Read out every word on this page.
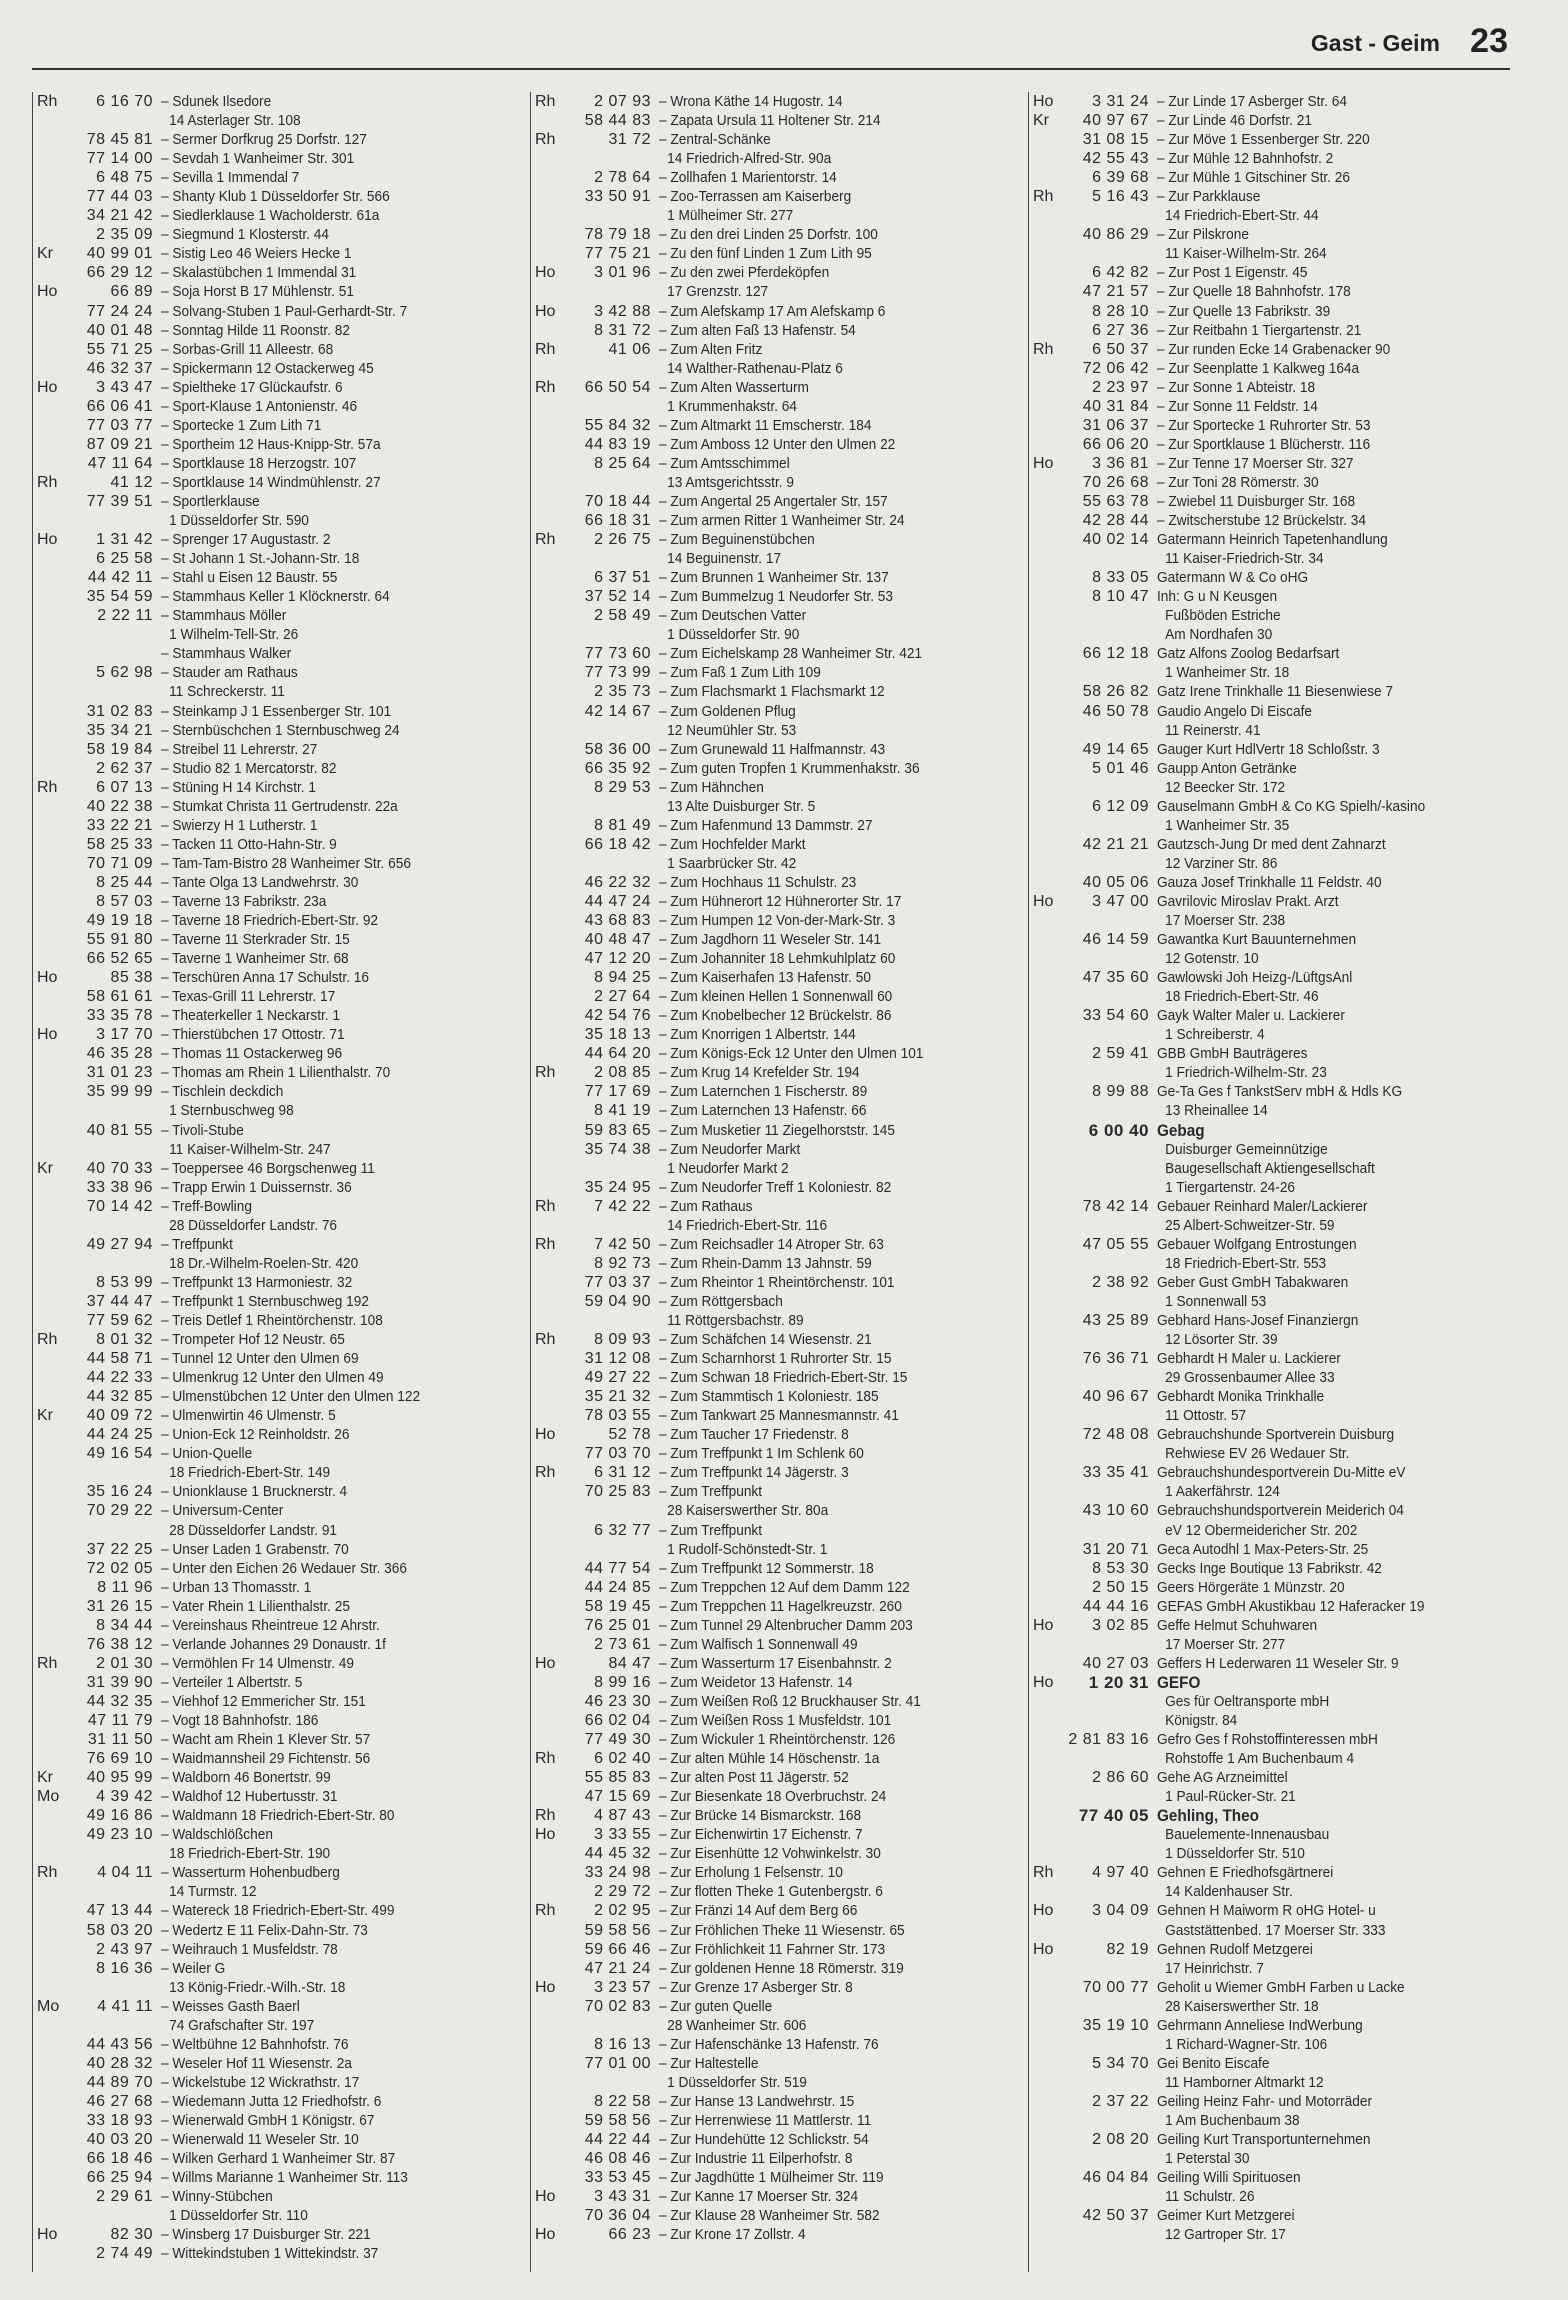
Gast - Geim 23
Rh	6 16 70 – Sdunek Ilsedore
14 Asterlager Str. 108
78 45 81 – Sermer Dorfkrug 25 Dorfstr. 127
77 14 00 – Sevdah 1 Wanheimer Str. 301
6 48 75 – Sevilla 1 Immendal 7
77 44 03 – Shanty Klub 1 Düsseldorfer Str. 566
34 21 42 – Siedlerklause 1 Wacholderstr. 61a
2 35 09 – Siegmund 1 Klosterstr. 44
Kr	40 99 01 – Sistig Leo 46 Weiers Hecke 1
66 29 12 – Skalastübchen 1 Immendal 31
Ho	66 89 – Soja Horst B 17 Mühlenstr. 51
77 24 24 – Solvang-Stuben 1 Paul-Gerhardt-Str. 7
40 01 48 – Sonntag Hilde 11 Roonstr. 82
55 71 25 – Sorbas-Grill 11 Alleestr. 68
46 32 37 – Spickermann 12 Ostackerweg 45
Ho	3 43 47 – Spieltheke 17 Glückaufstr. 6
66 06 41 – Sport-Klause 1 Antonienstr. 46
77 03 77 – Sportecke 1 Zum Lith 71
87 09 21 – Sportheim 12 Haus-Knipp-Str. 57a
47 11 64 – Sportklause 18 Herzogstr. 107
Rh	41 12 – Sportklause 14 Windmühlenstr. 27
77 39 51 – Sportlerklause
1 Düsseldorfer Str. 590
Ho	1 31 42 – Sprenger 17 Augustastr. 2
6 25 58 – St Johann 1 St.-Johann-Str. 18
44 42 11 – Stahl u Eisen 12 Baustr. 55
35 54 59 – Stammhaus Keller 1 Klöcknerstr. 64
2 22 11 – Stammhaus Möller
1 Wilhelm-Tell-Str. 26
– Stammhaus Walker
5 62 98 – Stauder am Rathaus
11 Schreckerstr. 11
31 02 83 – Steinkamp J 1 Essenberger Str. 101
35 34 21 – Sternbüschchen 1 Sternbuschweg 24
58 19 84 – Streibel 11 Lehrerstr. 27
2 62 37 – Studio 82 1 Mercatorstr. 82
Rh	6 07 13 – Stüning H 14 Kirchstr. 1
40 22 38 – Stumkat Christa 11 Gertrudenstr. 22a
33 22 21 – Swierzy H 1 Lutherstr. 1
58 25 33 – Tacken 11 Otto-Hahn-Str. 9
70 71 09 – Tam-Tam-Bistro 28 Wanheimer Str. 656
8 25 44 – Tante Olga 13 Landwehrstr. 30
8 57 03 – Taverne 13 Fabrikstr. 23a
49 19 18 – Taverne 18 Friedrich-Ebert-Str. 92
55 91 80 – Taverne 11 Sterkrader Str. 15
66 52 65 – Taverne 1 Wanheimer Str. 68
Ho	85 38 – Terschüren Anna 17 Schulstr. 16
58 61 61 – Texas-Grill 11 Lehrerstr. 17
33 35 78 – Theaterkeller 1 Neckarstr. 1
Ho	3 17 70 – Thierstübchen 17 Ottostr. 71
46 35 28 – Thomas 11 Ostackerweg 96
31 01 23 – Thomas am Rhein 1 Lilienthalstr. 70
35 99 99 – Tischlein deckdich
1 Sternbuschweg 98
40 81 55 – Tivoli-Stube
11 Kaiser-Wilhelm-Str. 247
Kr	40 70 33 – Toeppersee 46 Borgschenweg 11
33 38 96 – Trapp Erwin 1 Duissernstr. 36
70 14 42 – Treff-Bowling
28 Düsseldorfer Landstr. 76
49 27 94 – Treffpunkt
18 Dr.-Wilhelm-Roelen-Str. 420
8 53 99 – Treffpunkt 13 Harmoniestr. 32
37 44 47 – Treffpunkt 1 Sternbuschweg 192
77 59 62 – Treis Detlef 1 Rheintörchenstr. 108
Rh	8 01 32 – Trompeter Hof 12 Neustr. 65
44 58 71 – Tunnel 12 Unter den Ulmen 69
44 22 33 – Ulmenkrug 12 Unter den Ulmen 49
44 32 85 – Ulmenstübchen 12 Unter den Ulmen 122
Kr	40 09 72 – Ulmenwirtin 46 Ulmenstr. 5
44 24 25 – Union-Eck 12 Reinholdstr. 26
49 16 54 – Union-Quelle
18 Friedrich-Ebert-Str. 149
35 16 24 – Unionklause 1 Brucknerstr. 4
70 29 22 – Universum-Center
28 Düsseldorfer Landstr. 91
37 22 25 – Unser Laden 1 Grabenstr. 70
72 02 05 – Unter den Eichen 26 Wedauer Str. 366
8 11 96 – Urban 13 Thomasstr. 1
31 26 15 – Vater Rhein 1 Lilienthalstr. 25
8 34 44 – Vereinshaus Rheintreue 12 Ahrstr.
76 38 12 – Verlande Johannes 29 Donaustr. 1f
Rh	2 01 30 – Vermöhlen Fr 14 Ulmenstr. 49
31 39 90 – Verteiler 1 Albertstr. 5
44 32 35 – Viehhof 12 Emmericher Str. 151
47 11 79 – Vogt 18 Bahnhofstr. 186
31 11 50 – Wacht am Rhein 1 Klever Str. 57
76 69 10 – Waidmannsheil 29 Fichtenstr. 56
Kr	40 95 99 – Waldborn 46 Bonertstr. 99
Mo	4 39 42 – Waldhof 12 Hubertusstr. 31
49 16 86 – Waldmann 18 Friedrich-Ebert-Str. 80
49 23 10 – Waldschlößchen
18 Friedrich-Ebert-Str. 190
Rh	4 04 11 – Wasserturm Hohenbudberg
14 Turmstr. 12
47 13 44 – Watereck 18 Friedrich-Ebert-Str. 499
58 03 20 – Wedertz E 11 Felix-Dahn-Str. 73
2 43 97 – Weihrauch 1 Musfeldstr. 78
8 16 36 – Weiler G
13 König-Friedr.-Wilh.-Str. 18
Mo	4 41 11 – Weisses Gasth Baerl
74 Grafschafter Str. 197
44 43 56 – Weltbühne 12 Bahnhofstr. 76
40 28 32 – Weseler Hof 11 Wiesenstr. 2a
44 89 70 – Wickelstube 12 Wickrathstr. 17
46 27 68 – Wiedemann Jutta 12 Friedhofstr. 6
33 18 93 – Wienerwald GmbH 1 Königstr. 67
40 03 20 – Wienerwald 11 Weseler Str. 10
66 18 46 – Wilken Gerhard 1 Wanheimer Str. 87
66 25 94 – Willms Marianne 1 Wanheimer Str. 113
2 29 61 – Winny-Stübchen
1 Düsseldorfer Str. 110
Ho	82 30 – Winsberg 17 Duisburger Str. 221
2 74 49 – Wittekindstuben 1 Wittekindstr. 37
Rh	2 07 93 – Wrona Käthe 14 Hugostr. 14
58 44 83 – Zapata Ursula 11 Holtener Str. 214
Rh	31 72 – Zentral-Schänke
14 Friedrich-Alfred-Str. 90a
2 78 64 – Zollhafen 1 Marientorstr. 14
33 50 91 – Zoo-Terrassen am Kaiserberg
1 Mülheimer Str. 277
78 79 18 – Zu den drei Linden 25 Dorfstr. 100
77 75 21 – Zu den fünf Linden 1 Zum Lith 95
Ho	3 01 96 – Zu den zwei Pferdeköpfen
17 Grenzstr. 127
Ho	3 42 88 – Zum Alefskamp 17 Am Alefskamp 6
8 31 72 – Zum alten Faß 13 Hafenstr. 54
Rh	41 06 – Zum Alten Fritz
14 Walther-Rathenau-Platz 6
Rh	66 50 54 – Zum Alten Wasserturm
1 Krummenhakstr. 64
55 84 32 – Zum Altmarkt 11 Emscherstr. 184
44 83 19 – Zum Amboss 12 Unter den Ulmen 22
8 25 64 – Zum Amtsschimmel
13 Amtsgerichtsstr. 9
70 18 44 – Zum Angertal 25 Angertaler Str. 157
66 18 31 – Zum armen Ritter 1 Wanheimer Str. 24
Rh	2 26 75 – Zum Beguinenstübchen
14 Beguinenstr. 17
6 37 51 – Zum Brunnen 1 Wanheimer Str. 137
37 52 14 – Zum Bummelzug 1 Neudorfer Str. 53
2 58 49 – Zum Deutschen Vatter
1 Düsseldorfer Str. 90
77 73 60 – Zum Eichelskamp 28 Wanheimer Str. 421
77 73 99 – Zum Faß 1 Zum Lith 109
2 35 73 – Zum Flachsmarkt 1 Flachsmarkt 12
42 14 67 – Zum Goldenen Pflug
12 Neumühler Str. 53
58 36 00 – Zum Grunewald 11 Halfmannstr. 43
66 35 92 – Zum guten Tropfen 1 Krummenhakstr. 36
8 29 53 – Zum Hähnchen
13 Alte Duisburger Str. 5
8 81 49 – Zum Hafenmund 13 Dammstr. 27
66 18 42 – Zum Hochfelder Markt
1 Saarbrücker Str. 42
46 22 32 – Zum Hochhaus 11 Schulstr. 23
44 47 24 – Zum Hühnerort 12 Hühnerorter Str. 17
43 68 83 – Zum Humpen 12 Von-der-Mark-Str. 3
40 48 47 – Zum Jagdhorn 11 Weseler Str. 141
47 12 20 – Zum Johanniter 18 Lehmkuhlplatz 60
8 94 25 – Zum Kaiserhafen 13 Hafenstr. 50
2 27 64 – Zum kleinen Hellen 1 Sonnenwall 60
42 54 76 – Zum Knobelbecher 12 Brückelstr. 86
35 18 13 – Zum Knorrigen 1 Albertstr. 144
44 64 20 – Zum Königs-Eck 12 Unter den Ulmen 101
Rh	2 08 85 – Zum Krug 14 Krefelder Str. 194
77 17 69 – Zum Laternchen 1 Fischerstr. 89
8 41 19 – Zum Laternchen 13 Hafenstr. 66
59 83 65 – Zum Musketier 11 Ziegelhorststr. 145
35 74 38 – Zum Neudorfer Markt
1 Neudorfer Markt 2
35 24 95 – Zum Neudorfer Treff 1 Koloniestr. 82
Rh	7 42 22 – Zum Rathaus
14 Friedrich-Ebert-Str. 116
Rh	7 42 50 – Zum Reichsadler 14 Atroper Str. 63
8 92 73 – Zum Rhein-Damm 13 Jahnstr. 59
77 03 37 – Zum Rheintor 1 Rheintörchenstr. 101
59 04 90 – Zum Röttgersbach
11 Röttgersbachstr. 89
Rh	8 09 93 – Zum Schäfchen 14 Wiesenstr. 21
31 12 08 – Zum Scharnhorst 1 Ruhrorter Str. 15
49 27 22 – Zum Schwan 18 Friedrich-Ebert-Str. 15
35 21 32 – Zum Stammtisch 1 Koloniestr. 185
78 03 55 – Zum Tankwart 25 Mannesmannstr. 41
Ho	52 78 – Zum Taucher 17 Friedenstr. 8
77 03 70 – Zum Treffpunkt 1 Im Schlenk 60
Rh	6 31 12 – Zum Treffpunkt 14 Jägerstr. 3
70 25 83 – Zum Treffpunkt
28 Kaiserswerther Str. 80a
6 32 77 – Zum Treffpunkt
1 Rudolf-Schönstedt-Str. 1
44 77 54 – Zum Treffpunkt 12 Sommerstr. 18
44 24 85 – Zum Treppchen 12 Auf dem Damm 122
58 19 45 – Zum Treppchen 11 Hagelkreuzstr. 260
76 25 01 – Zum Tunnel 29 Altenbrucher Damm 203
2 73 61 – Zum Walfisch 1 Sonnenwall 49
Ho	84 47 – Zum Wasserturm 17 Eisenbahnstr. 2
8 99 16 – Zum Weidetor 13 Hafenstr. 14
46 23 30 – Zum Weißen Roß 12 Bruckhauser Str. 41
66 02 04 – Zum Weißen Ross 1 Musfeldstr. 101
77 49 30 – Zum Wickuler 1 Rheintörchenstr. 126
Rh	6 02 40 – Zur alten Mühle 14 Höschenstr. 1a
55 85 83 – Zur alten Post 11 Jägerstr. 52
47 15 69 – Zur Biesenkate 18 Overbruchstr. 24
Rh	4 87 43 – Zur Brücke 14 Bismarckstr. 168
Ho	3 33 55 – Zur Eichenwirtin 17 Eichenstr. 7
44 45 32 – Zur Eisenhütte 12 Vohwinkelstr. 30
33 24 98 – Zur Erholung 1 Felsenstr. 10
2 29 72 – Zur flotten Theke 1 Gutenbergstr. 6
Rh	2 02 95 – Zur Fränzi 14 Auf dem Berg 66
59 58 56 – Zur Fröhlichen Theke 11 Wiesenstr. 65
59 66 46 – Zur Fröhlichkeit 11 Fahrner Str. 173
47 21 24 – Zur goldenen Henne 18 Römerstr. 319
Ho	3 23 57 – Zur Grenze 17 Asberger Str. 8
70 02 83 – Zur guten Quelle
28 Wanheimer Str. 606
8 16 13 – Zur Hafenschänke 13 Hafenstr. 76
77 01 00 – Zur Haltestelle
1 Düsseldorfer Str. 519
8 22 58 – Zur Hanse 13 Landwehrstr. 15
59 58 56 – Zur Herrenwiese 11 Mattlerstr. 11
44 22 44 – Zur Hundehütte 12 Schlickstr. 54
46 08 46 – Zur Industrie 11 Eilperhofstr. 8
33 53 45 – Zur Jagdhütte 1 Mülheimer Str. 119
Ho	3 43 31 – Zur Kanne 17 Moerser Str. 324
70 36 04 – Zur Klause 28 Wanheimer Str. 582
Ho	66 23 – Zur Krone 17 Zollstr. 4
Ho	3 31 24 – Zur Linde 17 Asberger Str. 64
Kr	40 97 67 – Zur Linde 46 Dorfstr. 21
31 08 15 – Zur Möve 1 Essenberger Str. 220
42 55 43 – Zur Mühle 12 Bahnhofstr. 2
6 39 68 – Zur Mühle 1 Gitschiner Str. 26
Rh	5 16 43 – Zur Parkklause
14 Friedrich-Ebert-Str. 44
40 86 29 – Zur Pilskrone
11 Kaiser-Wilhelm-Str. 264
6 42 82 – Zur Post 1 Eigenstr. 45
47 21 57 – Zur Quelle 18 Bahnhofstr. 178
8 28 10 – Zur Quelle 13 Fabrikstr. 39
6 27 36 – Zur Reitbahn 1 Tiergartenstr. 21
Rh	6 50 37 – Zur runden Ecke 14 Grabenacker 90
72 06 42 – Zur Seenplatte 1 Kalkweg 164a
2 23 97 – Zur Sonne 1 Abteistr. 18
40 31 84 – Zur Sonne 11 Feldstr. 14
31 06 37 – Zur Sportecke 1 Ruhrorter Str. 53
66 06 20 – Zur Sportklause 1 Blücherstr. 116
Ho	3 36 81 – Zur Tenne 17 Moerser Str. 327
70 26 68 – Zur Toni 28 Römerstr. 30
55 63 78 – Zwiebel 11 Duisburger Str. 168
42 28 44 – Zwitscherstube 12 Brückelstr. 34
40 02 14 Gatermann Heinrich Tapetenhandlung
11 Kaiser-Friedrich-Str. 34
8 33 05 Gatermann W & Co oHG
8 10 47 Inh: G u N Keusgen
Fußböden Estriche
Am Nordhafen 30
66 12 18 Gatz Alfons Zoolog Bedarfsart
1 Wanheimer Str. 18
58 26 82 Gatz Irene Trinkhalle 11 Biesenwiese 7
46 50 78 Gaudio Angelo Di Eiscafe
11 Reinerstr. 41
49 14 65 Gauger Kurt HdlVertr 18 Schloßstr. 3
5 01 46 Gaupp Anton Getränke
12 Beecker Str. 172
6 12 09 Gauselmann GmbH & Co KG Spielh/-kasino
1 Wanheimer Str. 35
42 21 21 Gautzsch-Jung Dr med dent Zahnarzt
12 Varziner Str. 86
40 05 06 Gauza Josef Trinkhalle 11 Feldstr. 40
Ho	3 47 00 Gavrilovic Miroslav Prakt. Arzt
17 Moerser Str. 238
46 14 59 Gawantka Kurt Bauunternehmen
12 Gotenstr. 10
47 35 60 Gawlowski Joh Heizg-/LüftgsAnl
18 Friedrich-Ebert-Str. 46
33 54 60 Gayk Walter Maler u. Lackierer
1 Schreiberstr. 4
2 59 41 GBB GmbH Bauträgeres
1 Friedrich-Wilhelm-Str. 23
8 99 88 Ge-Ta Ges f TankstServ mbH & Hdls KG
13 Rheinallee 14
6 00 40 Gebag
Duisburger Gemeinnützige
Baugesellschaft Aktiengesellschaft
1 Tiergartenstr. 24-26
78 42 14 Gebauer Reinhard Maler/Lackierer
25 Albert-Schweitzer-Str. 59
47 05 55 Gebauer Wolfgang Entrostungen
18 Friedrich-Ebert-Str. 553
2 38 92 Geber Gust GmbH Tabakwaren
1 Sonnenwall 53
43 25 89 Gebhard Hans-Josef Finanziergn
12 Lösorter Str. 39
76 36 71 Gebhardt H Maler u. Lackierer
29 Grossenbaumer Allee 33
40 96 67 Gebhardt Monika Trinkhalle
11 Ottostr. 57
72 48 08 Gebrauchshunde Sportverein Duisburg
Rehwiese EV 26 Wedauer Str.
33 35 41 Gebrauchshundesportverein Du-Mitte eV
1 Aakerfährstr. 124
43 10 60 Gebrauchshundsportverein Meiderich 04
eV 12 Obermeidericher Str. 202
31 20 71 Geca Autodhl 1 Max-Peters-Str. 25
8 53 30 Gecks Inge Boutique 13 Fabrikstr. 42
2 50 15 Geers Hörgeräte 1 Münzstr. 20
44 44 16 GEFAS GmbH Akustikbau 12 Haferacker 19
Ho	3 02 85 Geffe Helmut Schuhwaren
17 Moerser Str. 277
40 27 03 Geffers H Lederwaren 11 Weseler Str. 9
Ho	1 20 31 GEFO
Ges für Oeltransporte mbH
Königstr. 84
2 81 83 16 Gefro Ges f Rohstoffinteressen mbH
Rohstoffe 1 Am Buchenbaum 4
2 86 60 Gehe AG Arzneimittel
1 Paul-Rücker-Str. 21
77 40 05 Gehling, Theo
Bauelemente-Innenausbau
1 Düsseldorfer Str. 510
Rh	4 97 40 Gehnen E Friedhofsgärtnerei
14 Kaldenhauser Str.
Ho	3 04 09 Gehnen H Maiworm R oHG Hotel- u
Gaststättenbed. 17 Moerser Str. 333
Ho	82 19 Gehnen Rudolf Metzgerei
17 Heinrichstr. 7
70 00 77 Geholit u Wiemer GmbH Farben u Lacke
28 Kaiserswerther Str. 18
35 19 10 Gehrmann Anneliese IndWerbung
1 Richard-Wagner-Str. 106
5 34 70 Gei Benito Eiscafe
11 Hamborner Altmarkt 12
2 37 22 Geiling Heinz Fahr- und Motorräder
1 Am Buchenbaum 38
2 08 20 Geiling Kurt Transportunternehmen
1 Peterstal 30
46 04 84 Geiling Willi Spirituosen
11 Schulstr. 26
42 50 37 Geimer Kurt Metzgerei
12 Gartroper Str. 17
